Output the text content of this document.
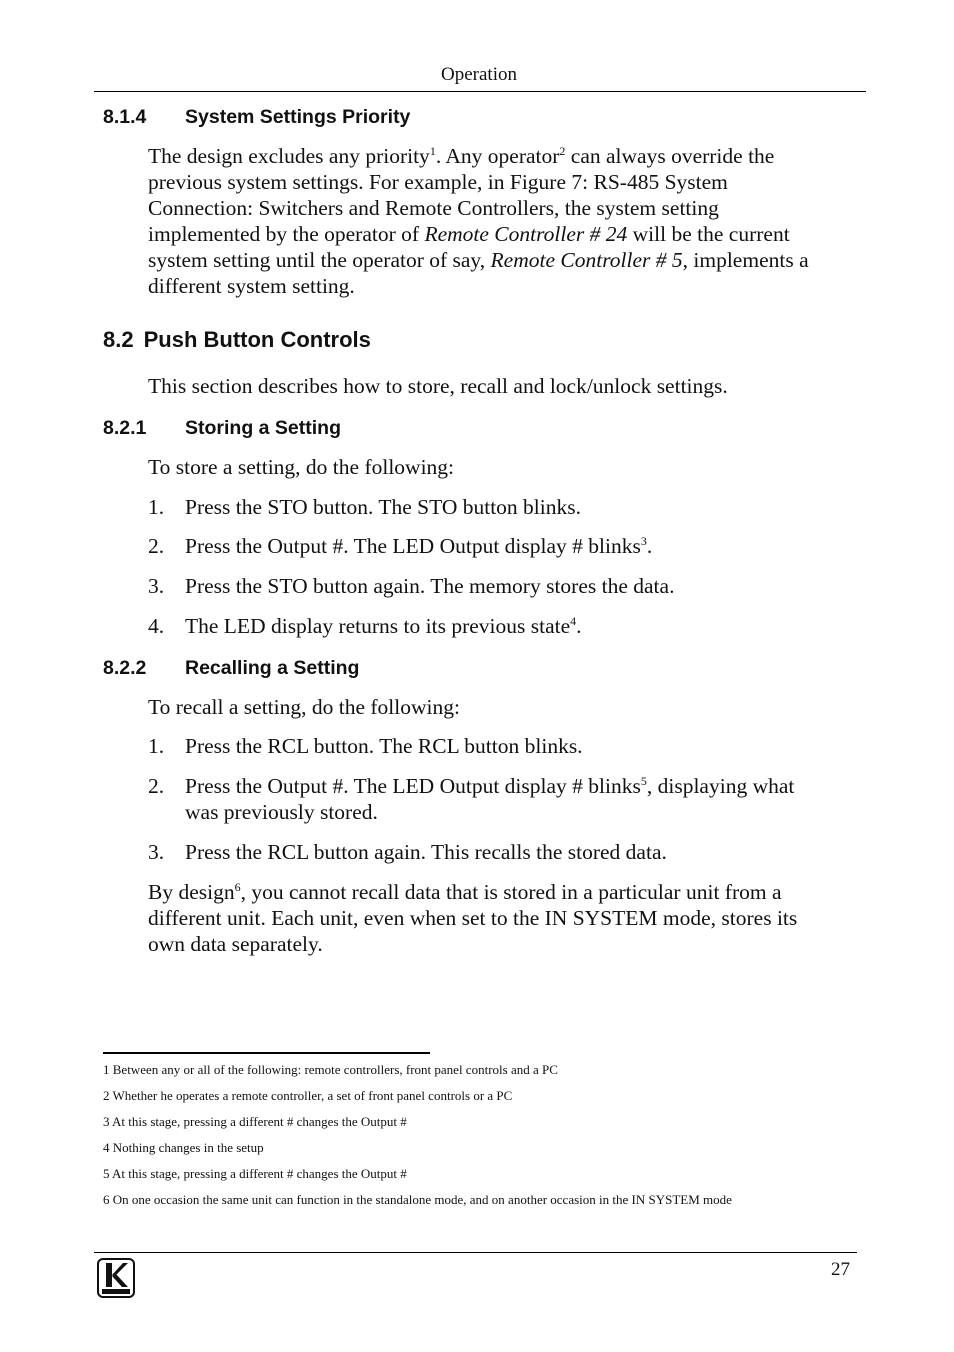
Operation
8.1.4 System Settings Priority
The design excludes any priority$^1$. Any operator$^2$ can always override the
previous system settings. For example, in Figure 7: RS-485 System
Connection: Switchers and Remote Controllers, the system setting
implemented by the operator of Remote Controller # 24 will be the current
system setting until the operator of say, Remote Controller # 5, implements a
different system setting.
8.2 Push Button Controls
This section describes how to store, recall and lock/unlock settings.
8.2.1 Storing a Setting
To store a setting, do the following:
1. Press the STO button. The STO button blinks.
2. Press the Output #. The LED Output display # blinks$^3$.
3. Press the STO button again. The memory stores the data.
4. The LED display returns to its previous state$^4$.
8.2.2 Recalling a Setting
To recall a setting, do the following:
1. Press the RCL button. The RCL button blinks.
2. Press the Output #. The LED Output display # blinks$^5$, displaying what
was previously stored.
3. Press the RCL button again. This recalls the stored data.
By design$^6$, you cannot recall data that is stored in a particular unit from a
different unit. Each unit, even when set to the IN SYSTEM mode, stores its
own data separately.
1 Between any or all of the following: remote controllers, front panel controls and a PC
2 Whether he operates a remote controller, a set of front panel controls or a PC
3 At this stage, pressing a different # changes the Output #
4 Nothing changes in the setup
5 At this stage, pressing a different # changes the Output #
6 On one occasion the same unit can function in the standalone mode, and on another occasion in the IN SYSTEM mode
27
